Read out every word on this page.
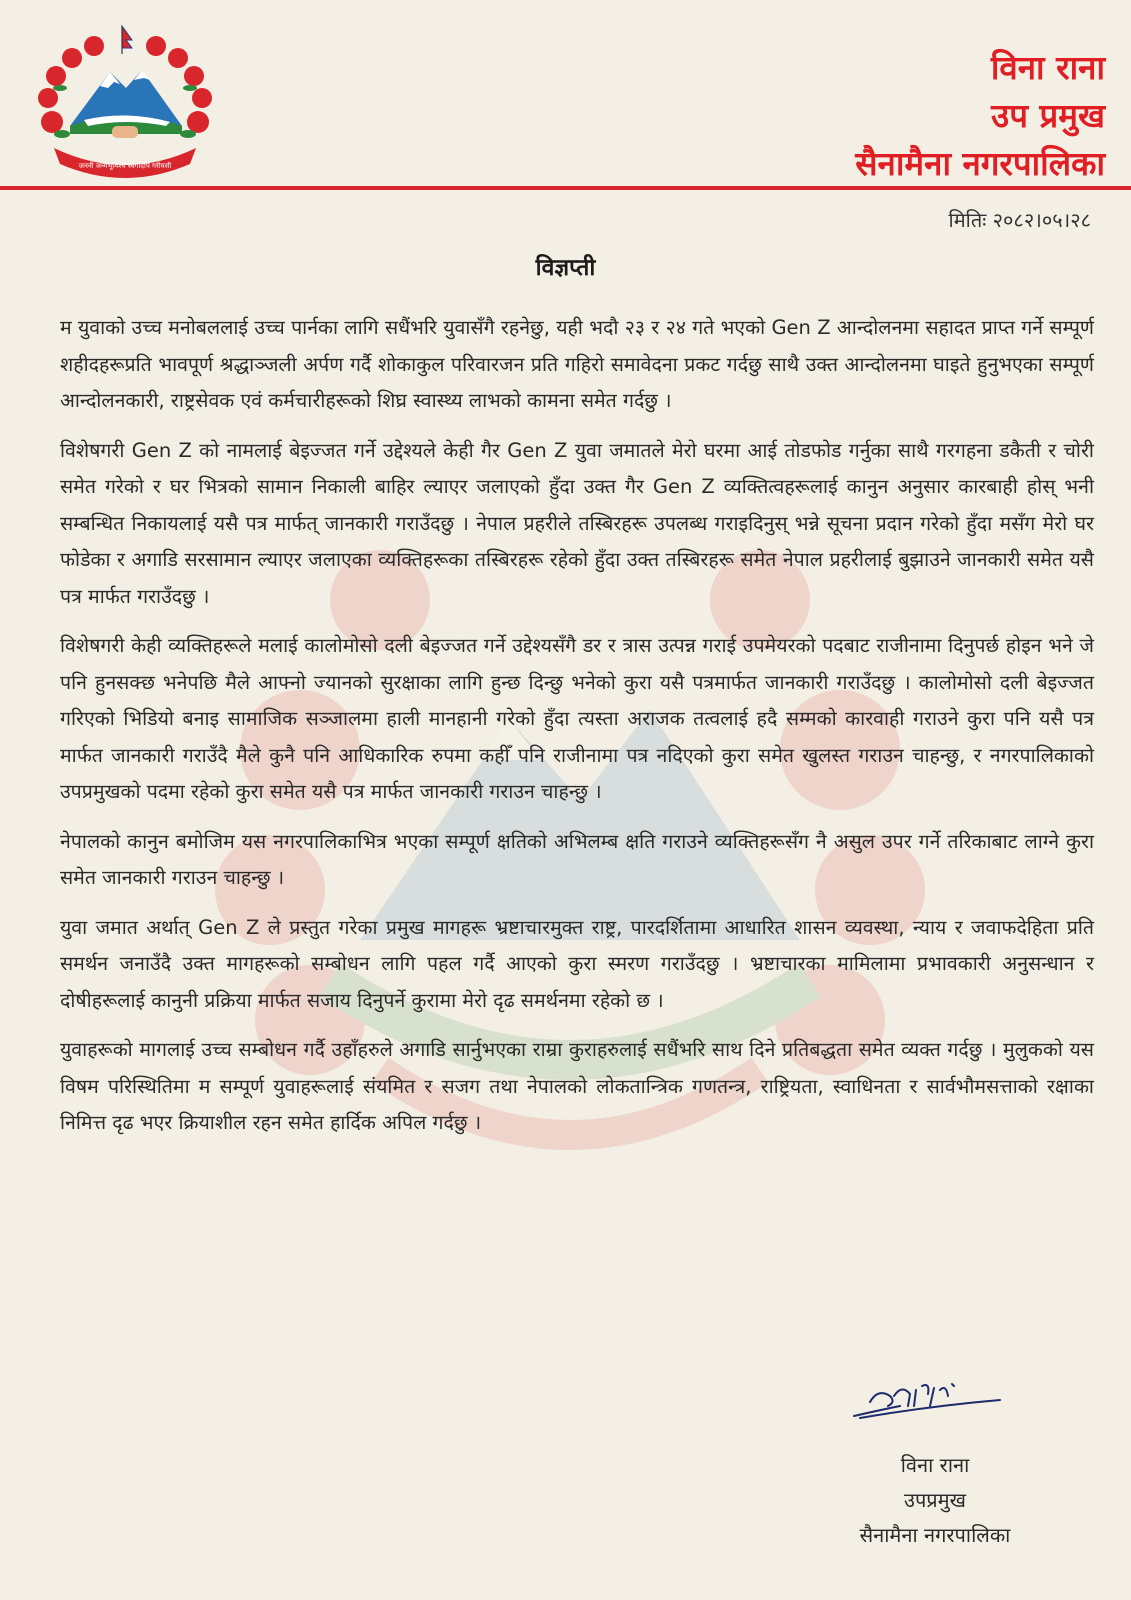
जननी जन्मभूमिश्च स्वर्गादपि गरीयसी
विना राना
उप प्रमुख
सैनामैना नगरपालिका
मितिः २०८२।०५।२८
विज्ञप्ती

म युवाको उच्च मनोबललाई उच्च पार्नका लागि सधैंभरि युवासँगै रहनेछु, यही भदौ २३ र २४ गते भएको Gen Z आन्दोलनमा सहादत प्राप्त गर्ने सम्पूर्ण शहीदहरूप्रति भावपूर्ण श्रद्धाञ्जली अर्पण गर्दै शोकाकुल परिवारजन प्रति गहिरो समावेदना प्रकट गर्दछु साथै उक्त आन्दोलनमा घाइते हुनुभएका सम्पूर्ण आन्दोलनकारी, राष्ट्रसेवक एवं कर्मचारीहरूको शिघ्र स्वास्थ्य लाभको कामना समेत गर्दछु ।

विशेषगरी Gen Z को नामलाई बेइज्जत गर्ने उद्देश्यले केही गैर Gen Z युवा जमातले मेरो घरमा आई तोडफोड गर्नुका साथै गरगहना डकैती र चोरी समेत गरेको र घर भित्रको सामान निकाली बाहिर ल्याएर जलाएको हुँदा उक्त गैर Gen Z व्यक्तित्वहरूलाई कानुन अनुसार कारबाही होस् भनी सम्बन्धित निकायलाई यसै पत्र मार्फत् जानकारी गराउँदछु । नेपाल प्रहरीले तस्बिरहरू उपलब्ध गराइदिनुस् भन्ने सूचना प्रदान गरेको हुँदा मसँग मेरो घर फोडेका र अगाडि सरसामान ल्याएर जलाएका व्यक्तिहरूका तस्बिरहरू रहेको हुँदा उक्त तस्बिरहरू समेत नेपाल प्रहरीलाई बुझाउने जानकारी समेत यसै पत्र मार्फत गराउँदछु ।

विशेषगरी केही व्यक्तिहरूले मलाई कालोमोसो दली बेइज्जत गर्ने उद्देश्यसँगै डर र त्रास उत्पन्न गराई उपमेयरको पदबाट राजीनामा दिनुपर्छ होइन भने जे पनि हुनसक्छ भनेपछि मैले आफ्नो ज्यानको सुरक्षाका लागि हुन्छ दिन्छु भनेको कुरा यसै पत्रमार्फत जानकारी गराउँदछु । कालोमोसो दली बेइज्जत गरिएको भिडियो बनाइ सामाजिक सञ्जालमा हाली मानहानी गरेको हुँदा त्यस्ता अराजक तत्वलाई हदै सम्मको कारवाही गराउने कुरा पनि यसै पत्र मार्फत जानकारी गराउँदै मैले कुनै पनि आधिकारिक रुपमा कहीँ पनि राजीनामा पत्र नदिएको कुरा समेत खुलस्त गराउन चाहन्छु, र नगरपालिकाको उपप्रमुखको पदमा रहेको कुरा समेत यसै पत्र मार्फत जानकारी गराउन चाहन्छु ।

नेपालको कानुन बमोजिम यस नगरपालिकाभित्र भएका सम्पूर्ण क्षतिको अभिलम्ब क्षति गराउने व्यक्तिहरूसँग नै असुल उपर गर्ने तरिकाबाट लाग्ने कुरा समेत जानकारी गराउन चाहन्छु ।

युवा जमात अर्थात् Gen Z ले प्रस्तुत गरेका प्रमुख मागहरू भ्रष्टाचारमुक्त राष्ट्र, पारदर्शितामा आधारित शासन व्यवस्था, न्याय र जवाफदेहिता प्रति समर्थन जनाउँदै उक्त मागहरूको सम्बोधन लागि पहल गर्दै आएको कुरा स्मरण गराउँदछु । भ्रष्टाचारका मामिलामा प्रभावकारी अनुसन्धान र दोषीहरूलाई कानुनी प्रक्रिया मार्फत सजाय दिनुपर्ने कुरामा मेरो दृढ समर्थनमा रहेको छ ।

युवाहरूको मागलाई उच्च सम्बोधन गर्दै उहाँहरुले अगाडि सार्नुभएका राम्रा कुराहरुलाई सधैंभरि साथ दिने प्रतिबद्धता समेत व्यक्त गर्दछु । मुलुकको यस विषम परिस्थितिमा म सम्पूर्ण युवाहरूलाई संयमित र सजग तथा नेपालको लोकतान्त्रिक गणतन्त्र, राष्ट्रियता, स्वाधिनता र सार्वभौमसत्ताको रक्षाका निमित्त दृढ भएर क्रियाशील रहन समेत हार्दिक अपिल गर्दछु ।

विना राना
उपप्रमुख
सैनामैना नगरपालिका
